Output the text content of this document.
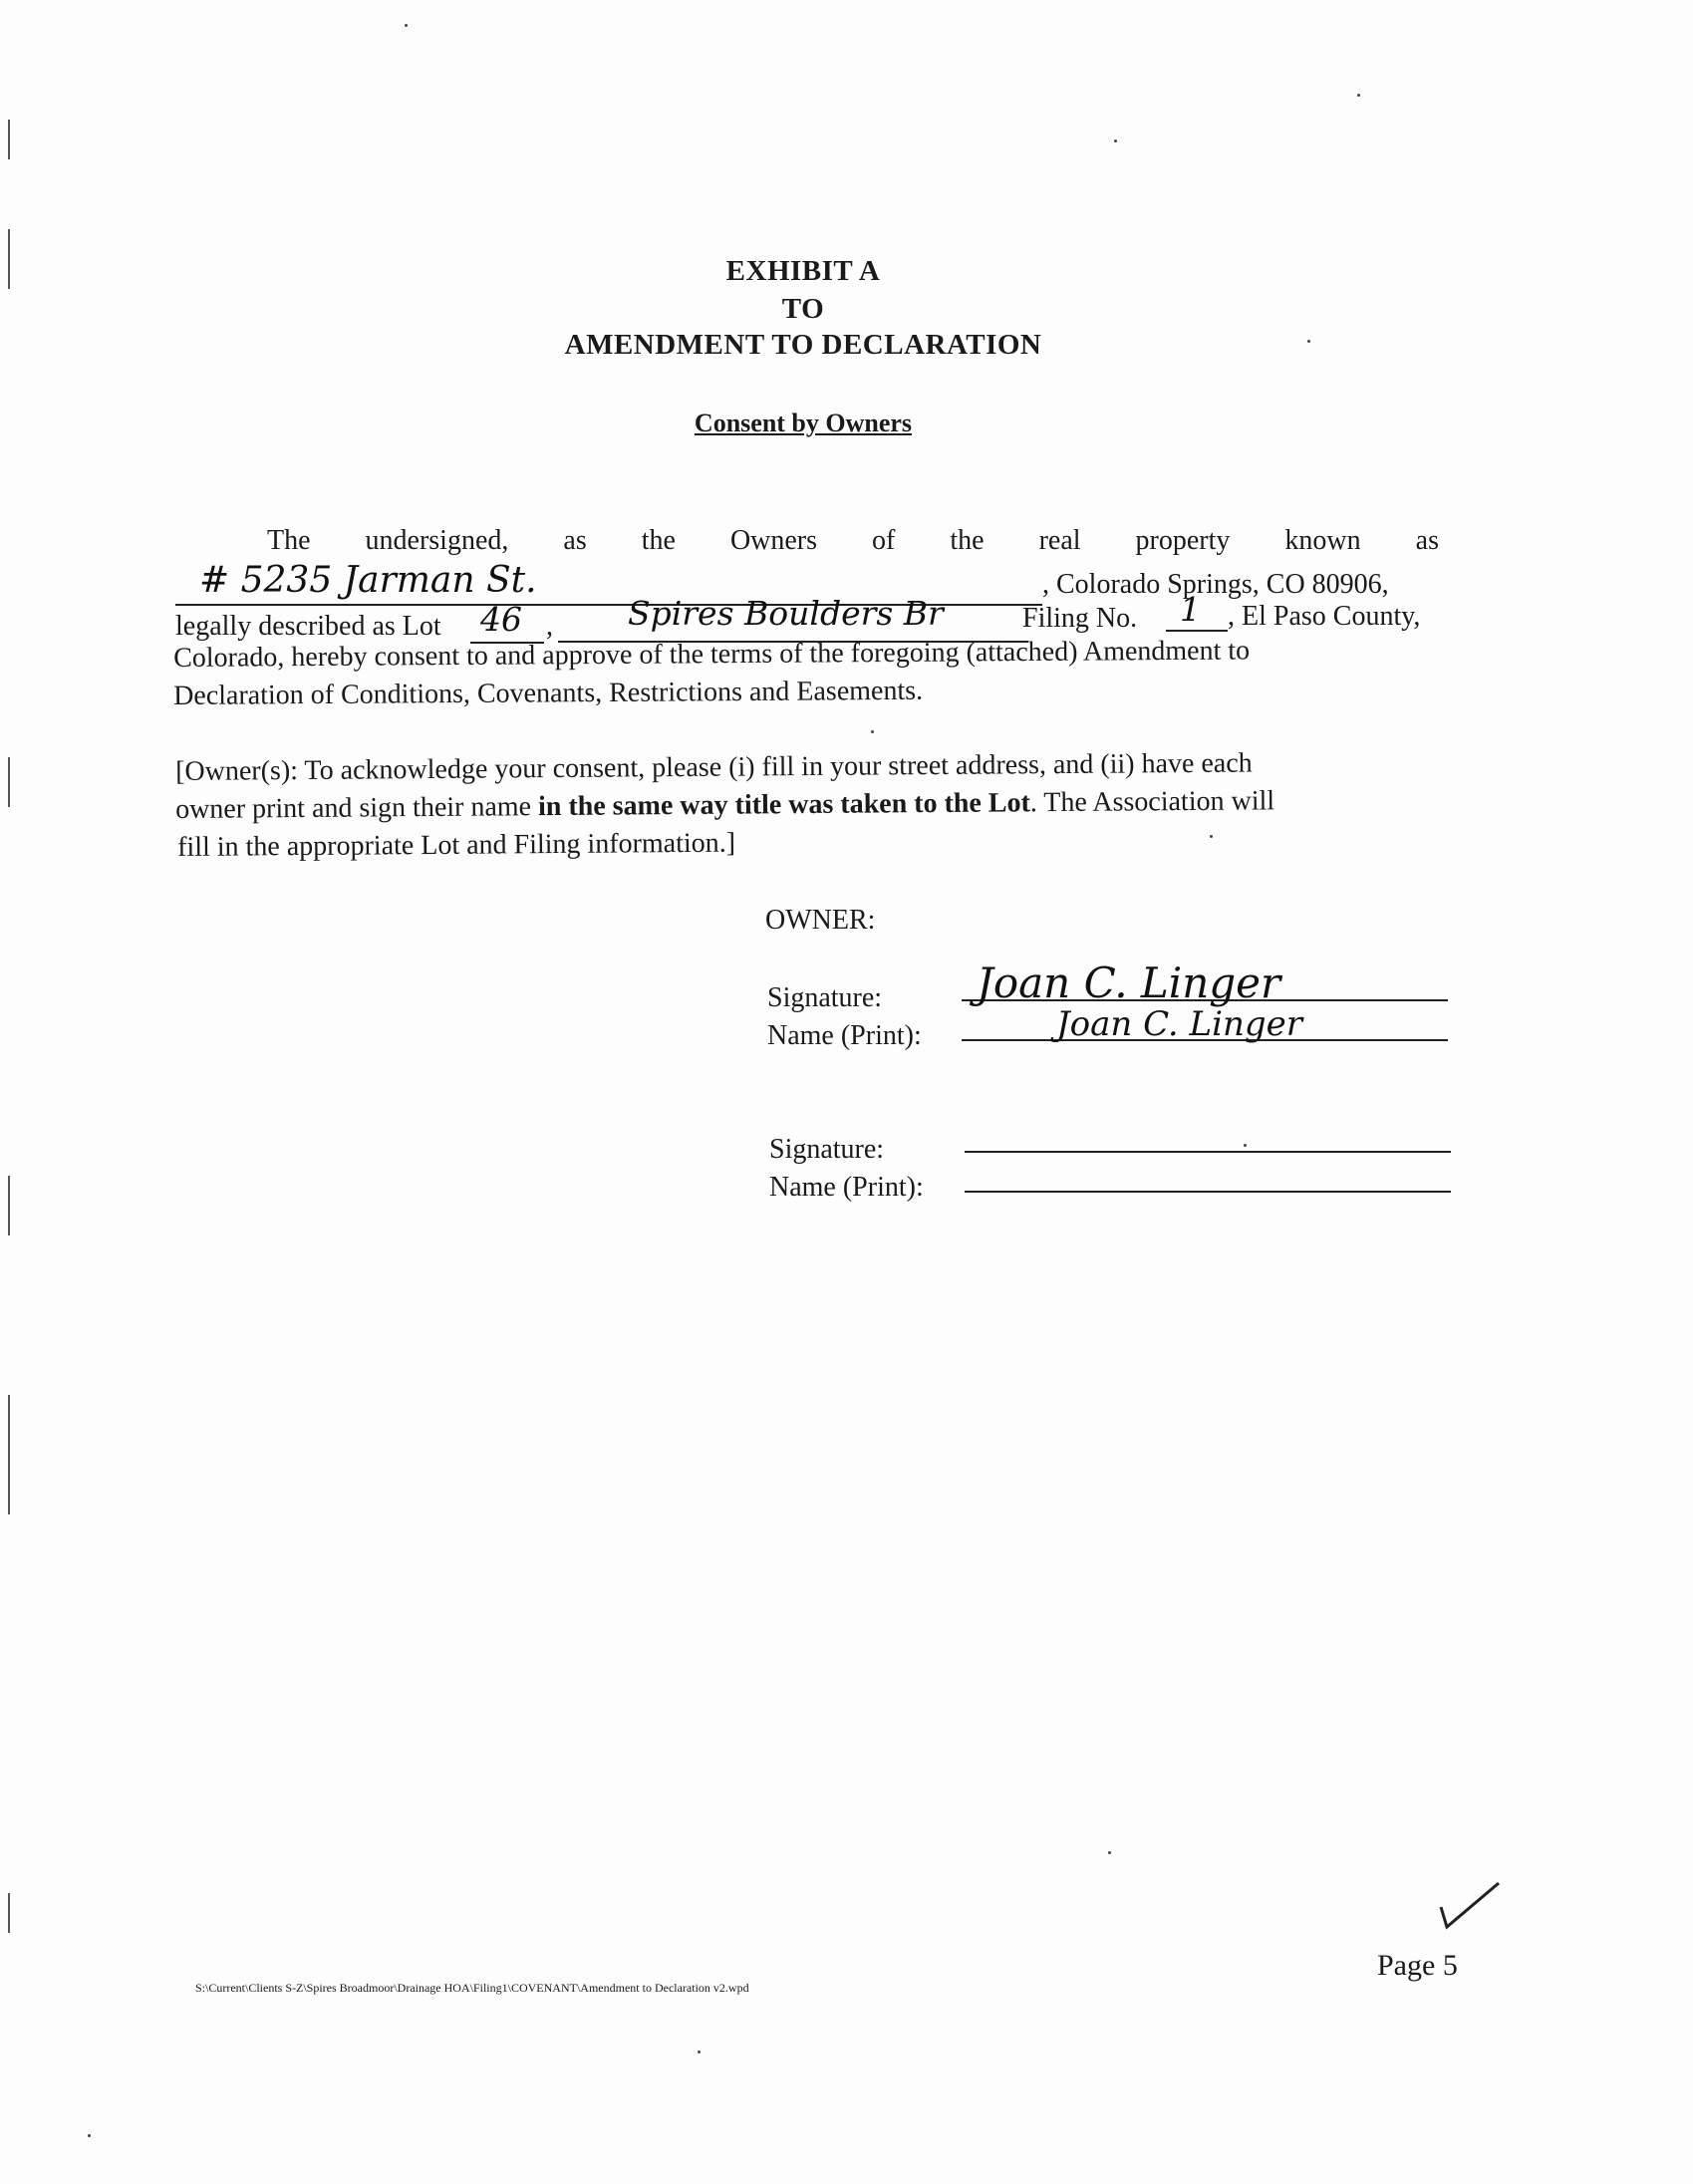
EXHIBIT A
TO
AMENDMENT TO DECLARATION
Consent by Owners
The undersigned, as the Owners of the real property known as
# 5235 Jarman St.	, Colorado Springs, CO 80906,
legally described as Lot 46 , Spires Boulders Br	Filing No. 1 , El Paso County,
Colorado, hereby consent to and approve of the terms of the foregoing (attached) Amendment to
Declaration of Conditions, Covenants, Restrictions and Easements.
[Owner(s): To acknowledge your consent, please (i) fill in your street address, and (ii) have each
owner print and sign their name in the same way title was taken to the Lot. The Association will
fill in the appropriate Lot and Filing information.]
OWNER:
Signature: Joan C. Linger
Name (Print):	Joan C. Linger
Signature:
Name (Print):
S:\Current\Clients S-Z\Spires Broadmoor\Drainage HOA\Filing1\COVENANT\Amendment to Declaration v2.wpd
Page 5
